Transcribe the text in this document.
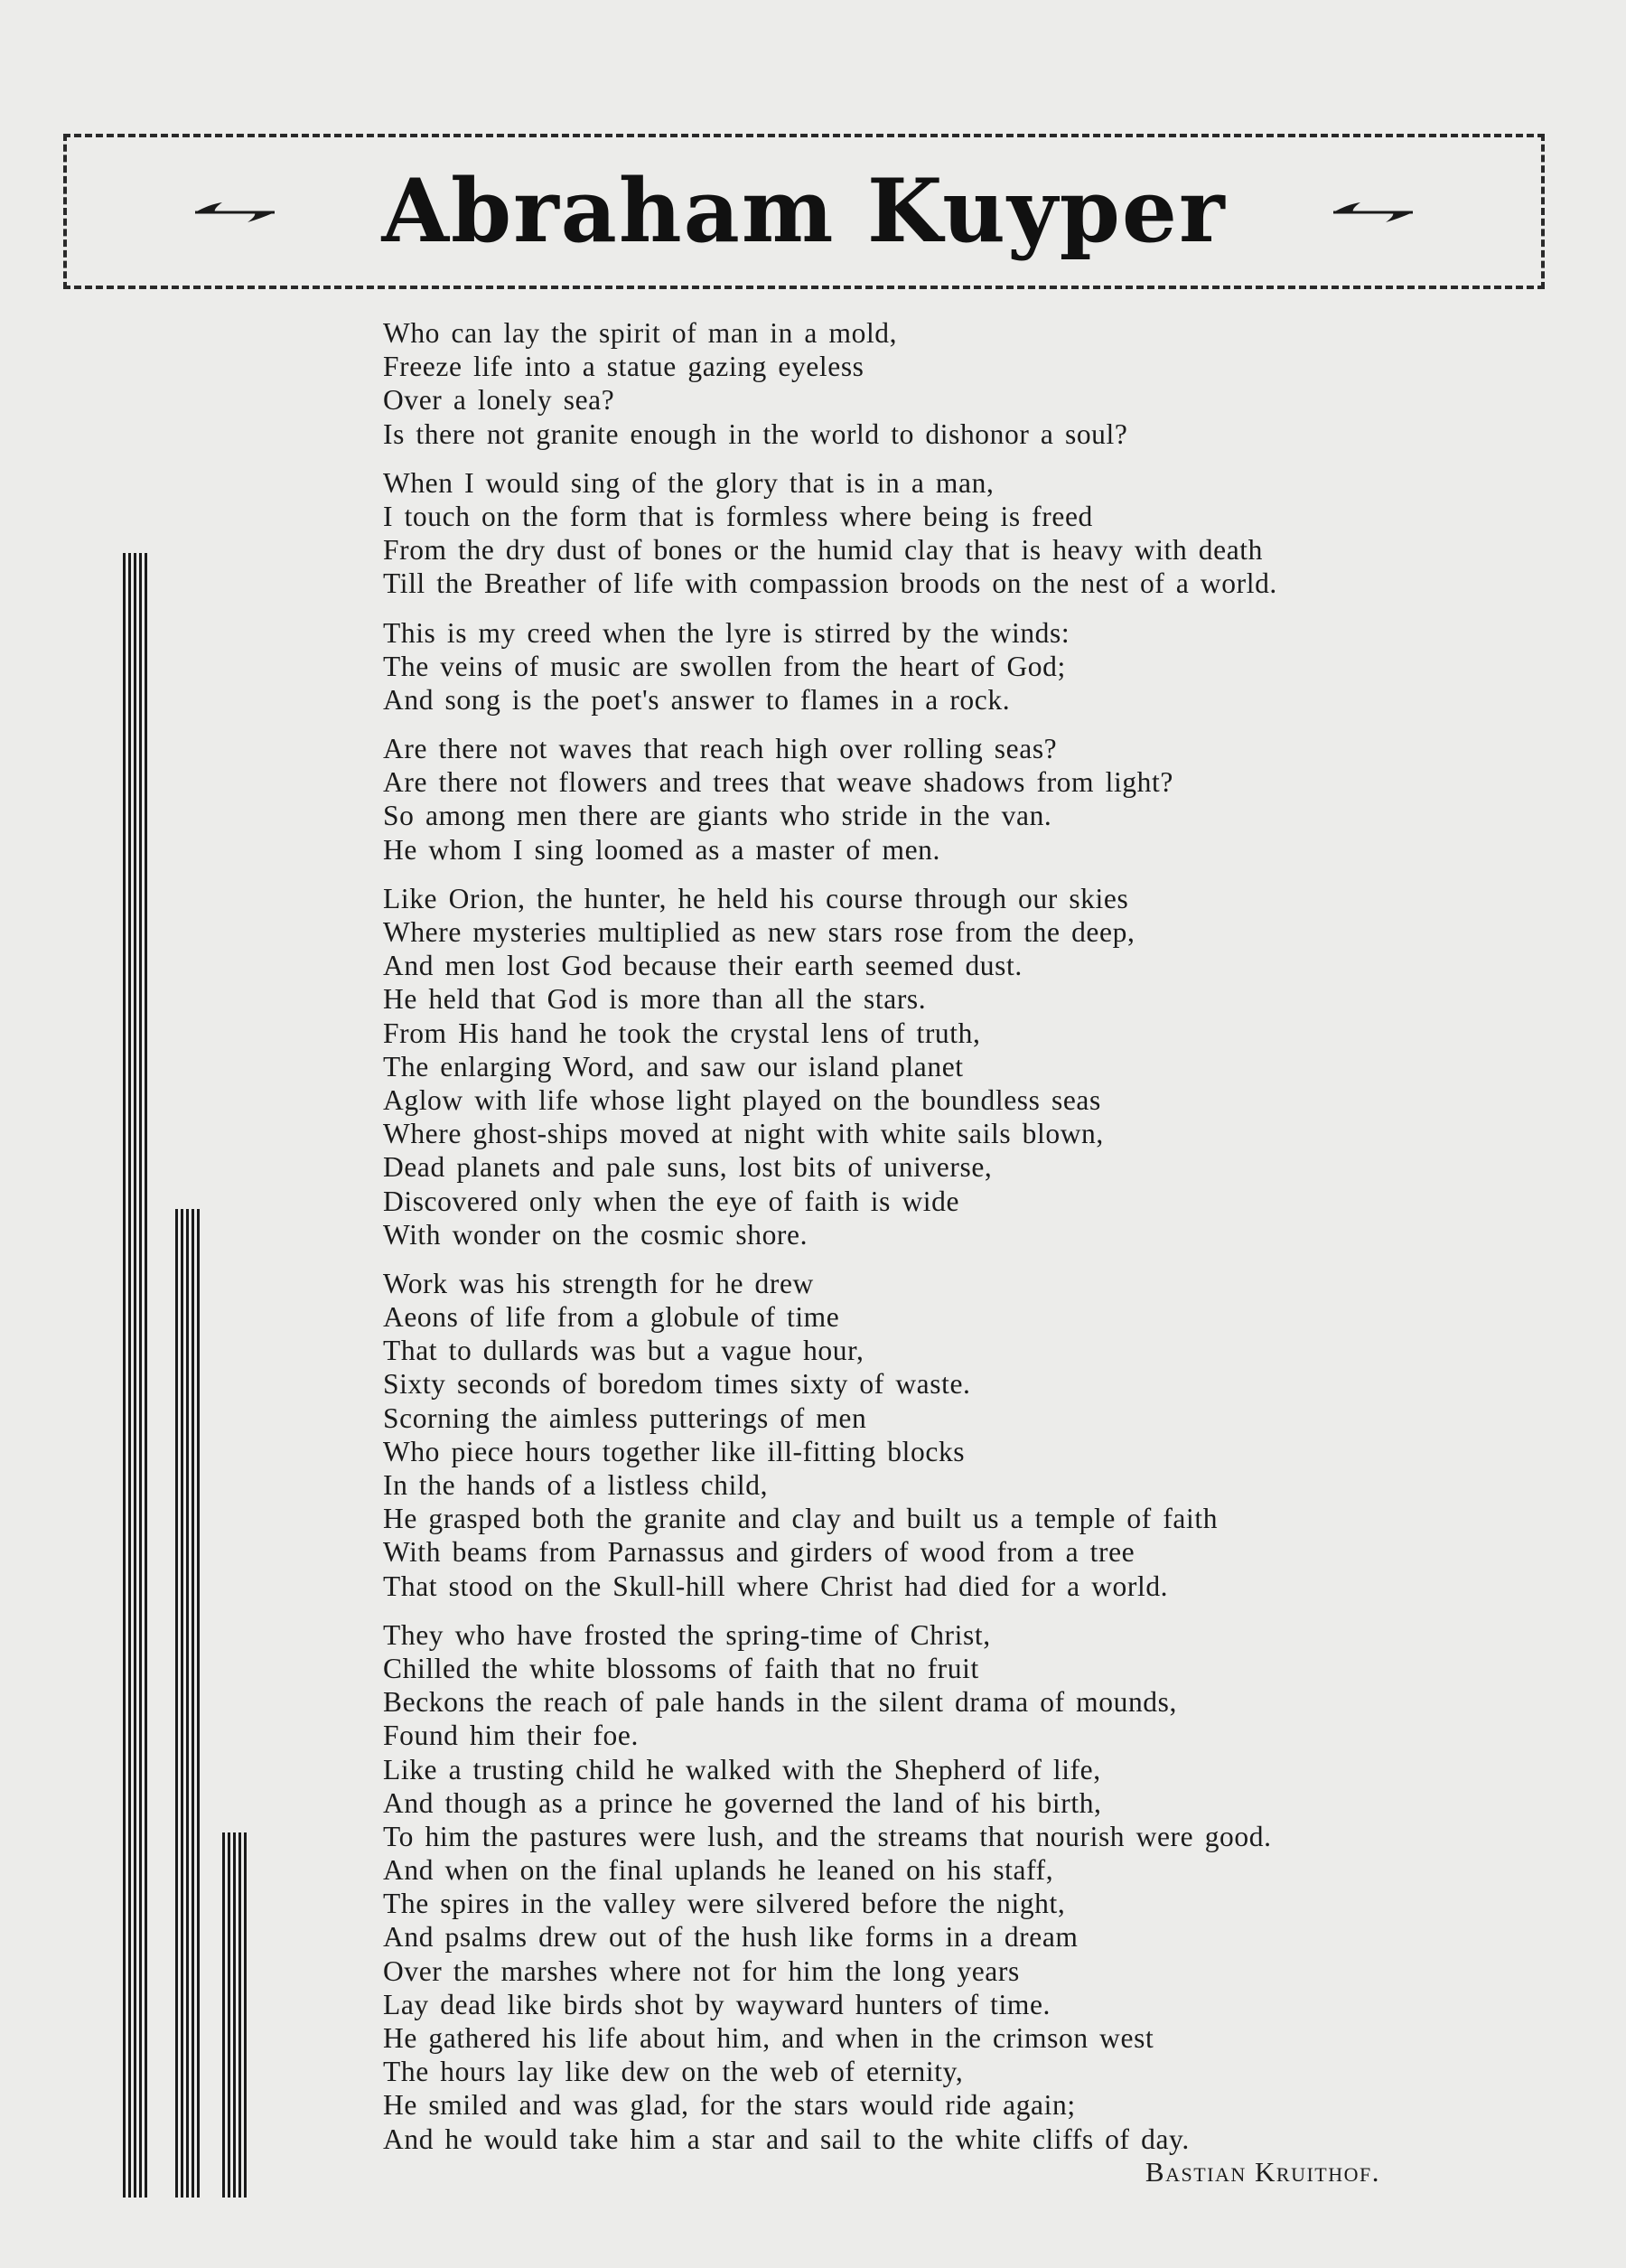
Abraham Kuyper
Who can lay the spirit of man in a mold,
Freeze life into a statue gazing eyeless
Over a lonely sea?
Is there not granite enough in the world to dishonor a soul?
When I would sing of the glory that is in a man,
I touch on the form that is formless where being is freed
From the dry dust of bones or the humid clay that is heavy with death
Till the Breather of life with compassion broods on the nest of a world.
This is my creed when the lyre is stirred by the winds:
The veins of music are swollen from the heart of God;
And song is the poet's answer to flames in a rock.
Are there not waves that reach high over rolling seas?
Are there not flowers and trees that weave shadows from light?
So among men there are giants who stride in the van.
He whom I sing loomed as a master of men.
Like Orion, the hunter, he held his course through our skies
Where mysteries multiplied as new stars rose from the deep,
And men lost God because their earth seemed dust.
He held that God is more than all the stars.
From His hand he took the crystal lens of truth,
The enlarging Word, and saw our island planet
Aglow with life whose light played on the boundless seas
Where ghost-ships moved at night with white sails blown,
Dead planets and pale suns, lost bits of universe,
Discovered only when the eye of faith is wide
With wonder on the cosmic shore.
Work was his strength for he drew
Aeons of life from a globule of time
That to dullards was but a vague hour,
Sixty seconds of boredom times sixty of waste.
Scorning the aimless putterings of men
Who piece hours together like ill-fitting blocks
In the hands of a listless child,
He grasped both the granite and clay and built us a temple of faith
With beams from Parnassus and girders of wood from a tree
That stood on the Skull-hill where Christ had died for a world.
They who have frosted the spring-time of Christ,
Chilled the white blossoms of faith that no fruit
Beckons the reach of pale hands in the silent drama of mounds,
Found him their foe.
Like a trusting child he walked with the Shepherd of life,
And though as a prince he governed the land of his birth,
To him the pastures were lush, and the streams that nourish were good.
And when on the final uplands he leaned on his staff,
The spires in the valley were silvered before the night,
And psalms drew out of the hush like forms in a dream
Over the marshes where not for him the long years
Lay dead like birds shot by wayward hunters of time.
He gathered his life about him, and when in the crimson west
The hours lay like dew on the web of eternity,
He smiled and was glad, for the stars would ride again;
And he would take him a star and sail to the white cliffs of day.
Bastian Kruithof.
